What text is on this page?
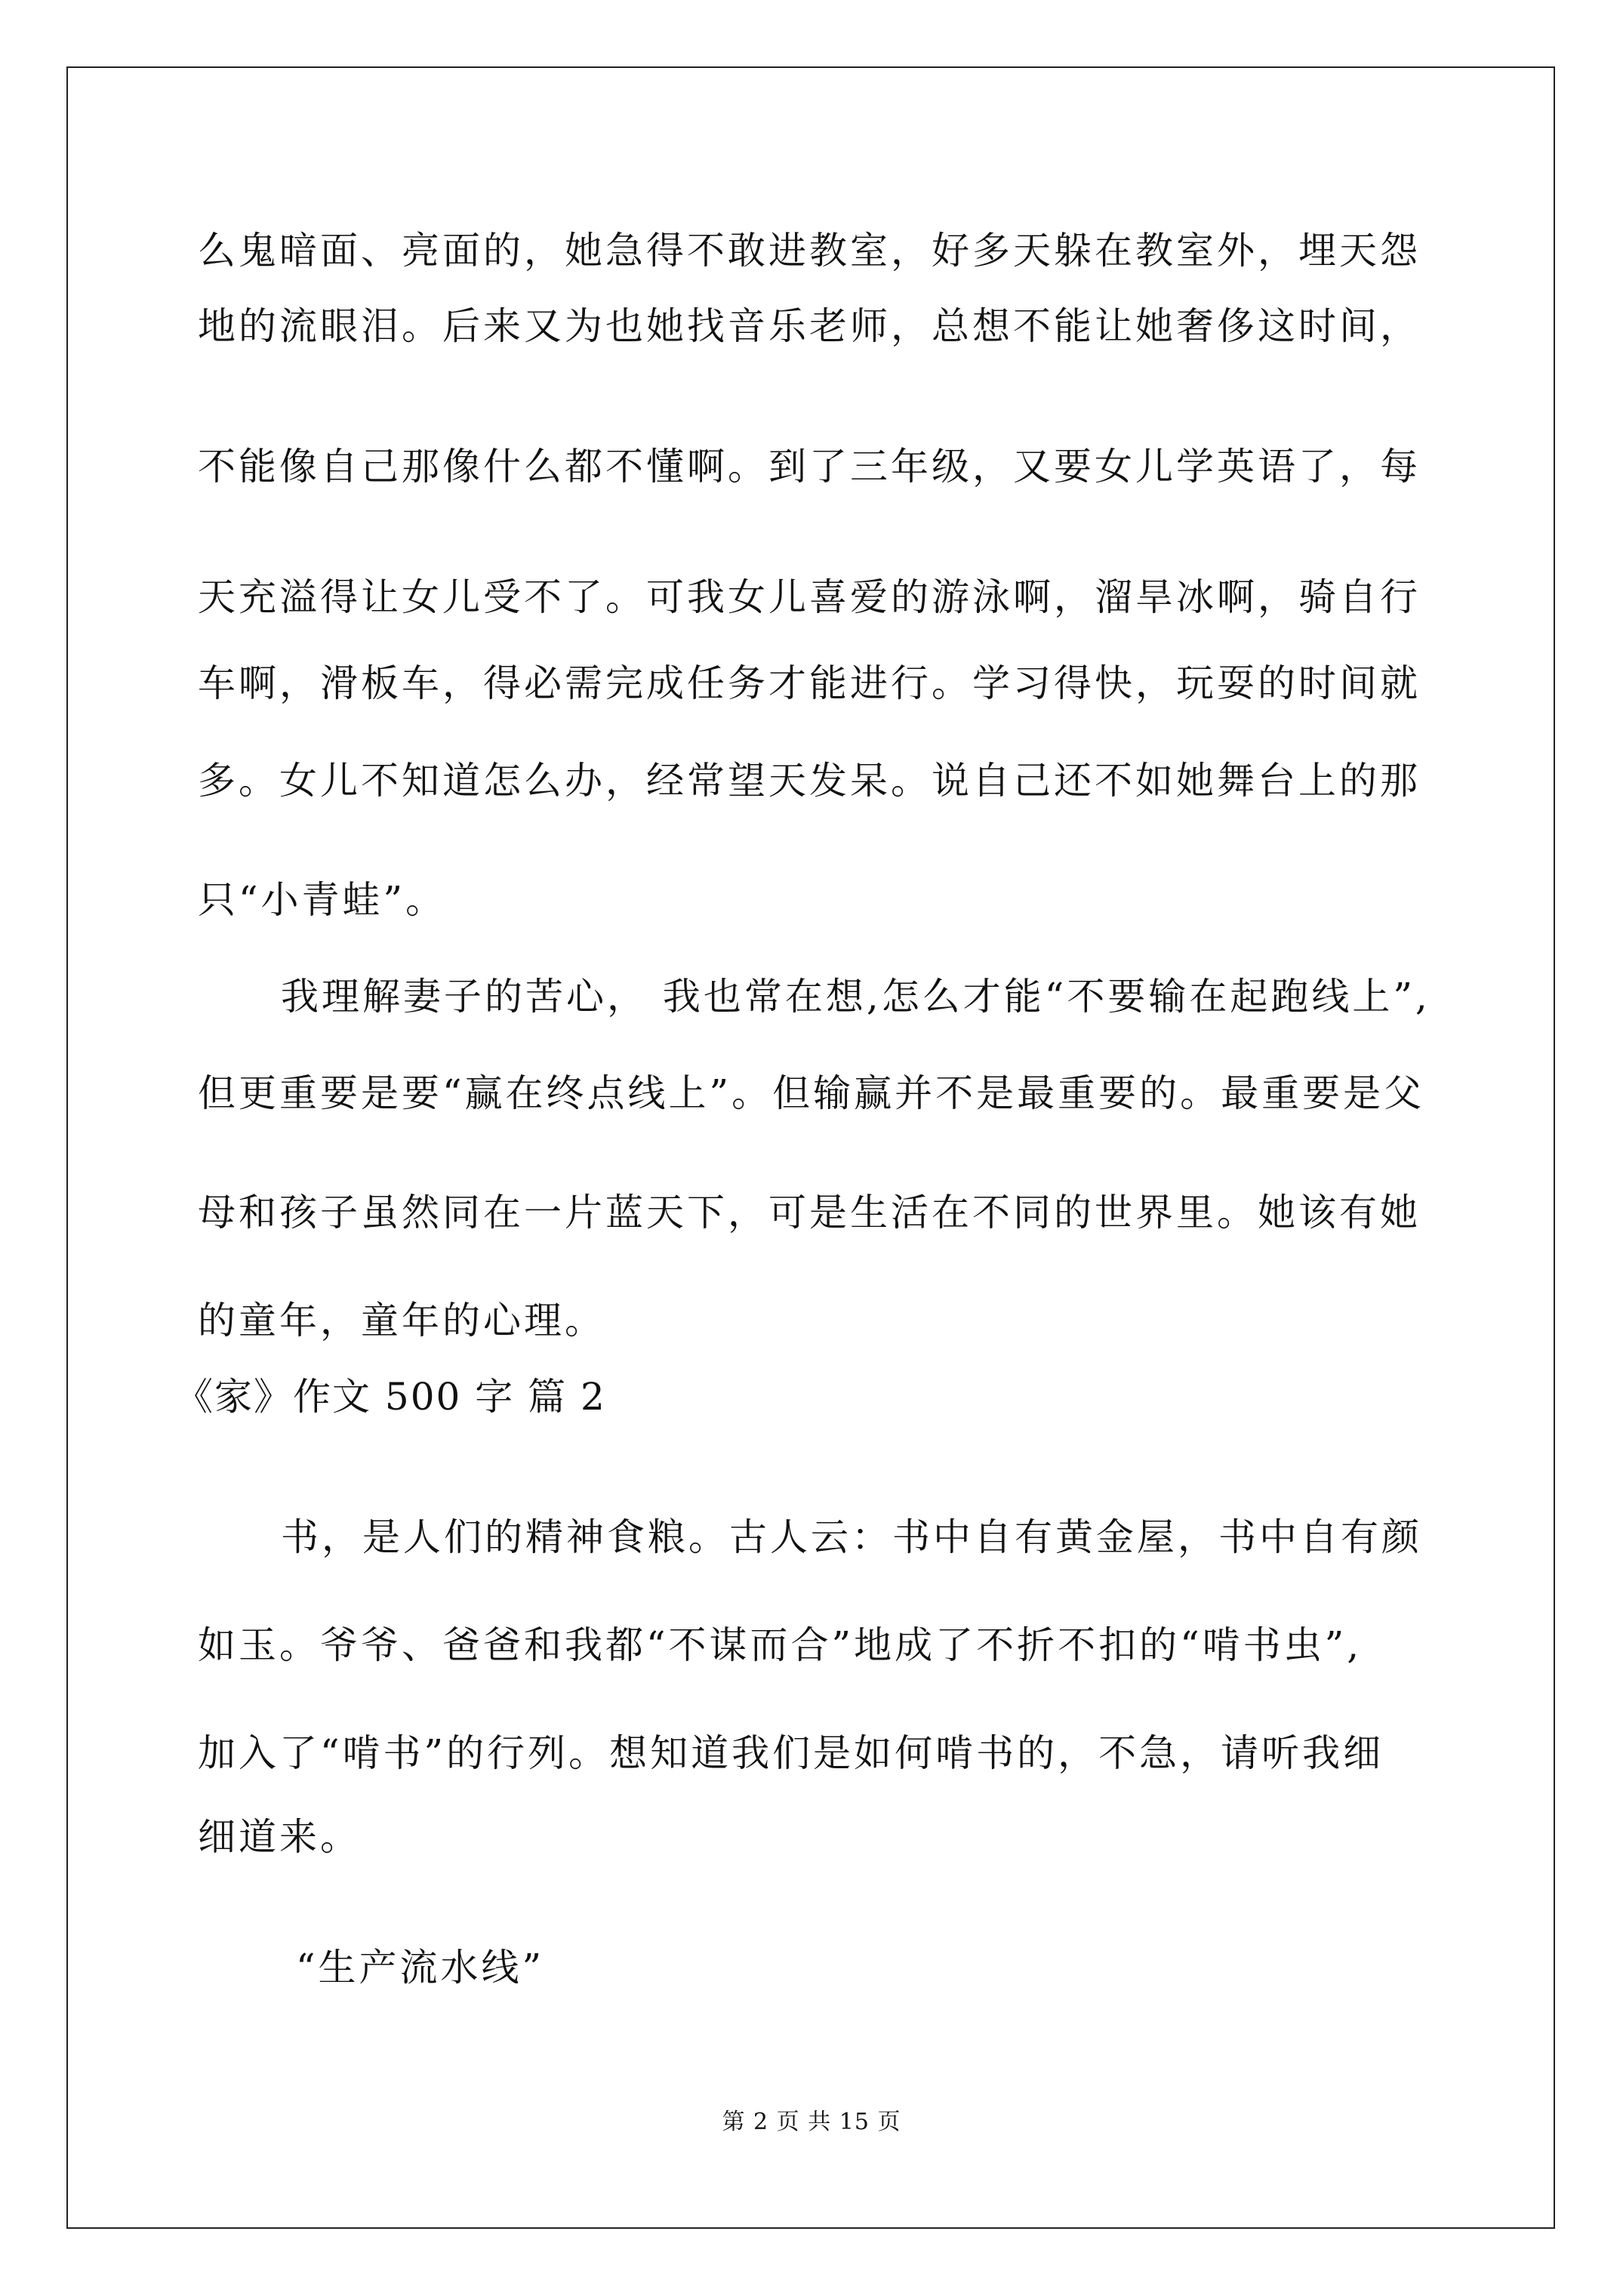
么鬼暗面、亮面的，她急得不敢进教室，好多天躲在教室外，埋天怨
地的流眼泪。后来又为也她找音乐老师，总想不能让她奢侈这时间，
不能像自己那像什么都不懂啊。到了三年级，又要女儿学英语了，每
天充溢得让女儿受不了。可我女儿喜爱的游泳啊，溜旱冰啊，骑自行
车啊，滑板车，得必需完成任务才能进行。学习得快，玩耍的时间就
多。女儿不知道怎么办，经常望天发呆。说自己还不如她舞台上的那
只“小青蛙”。
我理解妻子的苦心， 我也常在想,怎么才能“不要输在起跑线上”,
但更重要是要“赢在终点线上”。但输赢并不是最重要的。最重要是父
母和孩子虽然同在一片蓝天下，可是生活在不同的世界里。她该有她
的童年，童年的心理。
《家》作文 500 字 篇 2
书，是人们的精神食粮。古人云：书中自有黄金屋，书中自有颜
如玉。爷爷、爸爸和我都“不谋而合”地成了不折不扣的“啃书虫”,
加入了“啃书”的行列。想知道我们是如何啃书的，不急，请听我细
细道来。
“生产流水线”
第 2 页 共 15 页
